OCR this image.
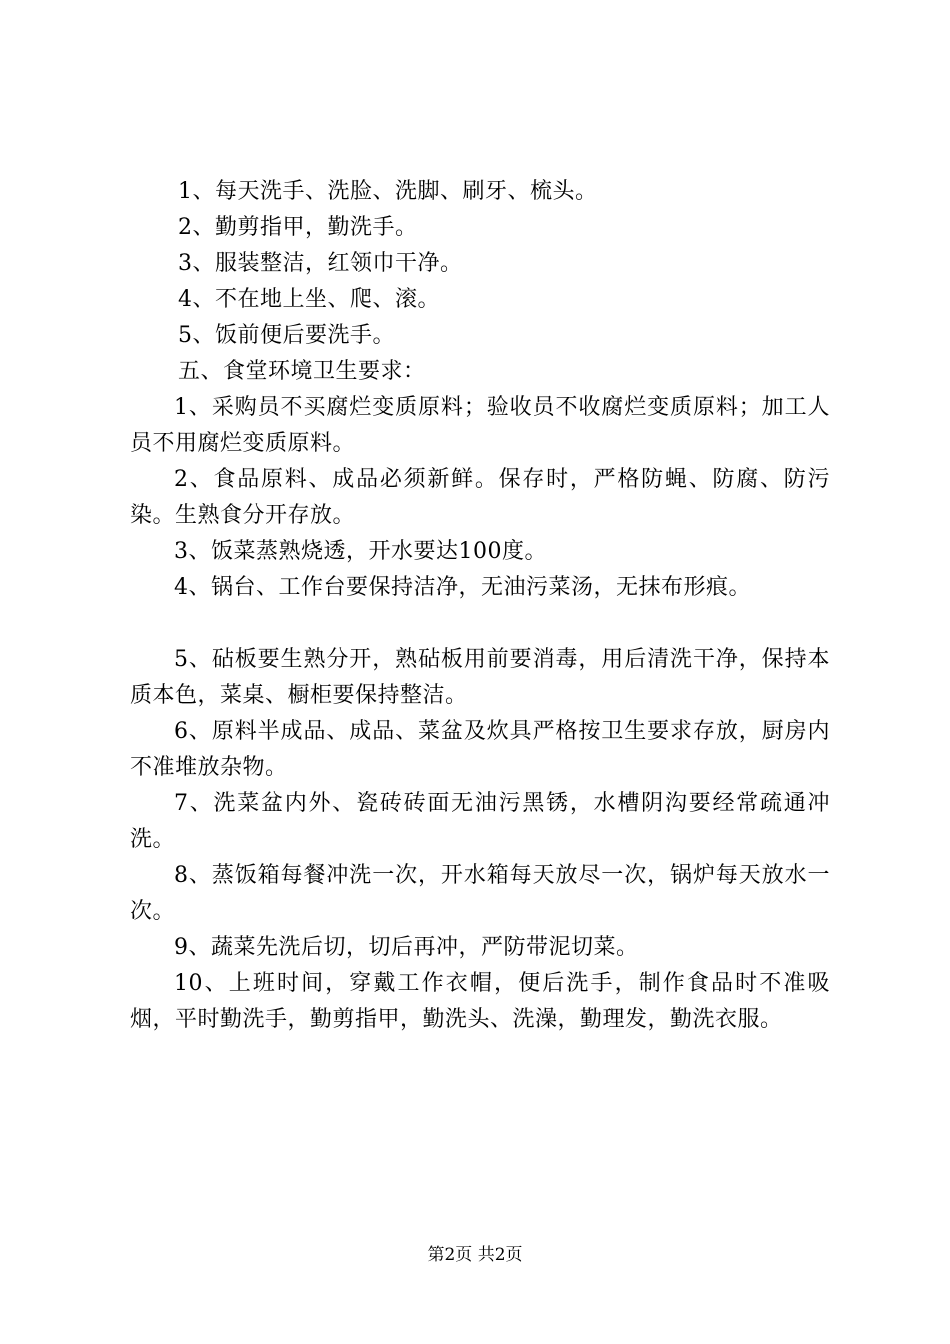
1、每天洗手、洗脸、洗脚、刷牙、梳头。
2、勤剪指甲，勤洗手。
3、服装整洁，红领巾干净。
4、不在地上坐、爬、滚。
5、饭前便后要洗手。
五、食堂环境卫生要求：
1、采购员不买腐烂变质原料；验收员不收腐烂变质原料；加工人员不用腐烂变质原料。
2、食品原料、成品必须新鲜。保存时，严格防蝇、防腐、防污染。生熟食分开存放。
3、饭菜蒸熟烧透，开水要达100度。
4、锅台、工作台要保持洁净，无油污菜汤，无抹布形痕。
5、砧板要生熟分开，熟砧板用前要消毒，用后清洗干净，保持本质本色，菜桌、橱柜要保持整洁。
6、原料半成品、成品、菜盆及炊具严格按卫生要求存放，厨房内不准堆放杂物。
7、洗菜盆内外、瓷砖砖面无油污黑锈，水槽阴沟要经常疏通冲洗。
8、蒸饭箱每餐冲洗一次，开水箱每天放尽一次，锅炉每天放水一次。
9、蔬菜先洗后切，切后再冲，严防带泥切菜。
10、上班时间，穿戴工作衣帽，便后洗手，制作食品时不准吸烟，平时勤洗手，勤剪指甲，勤洗头、洗澡，勤理发，勤洗衣服。
第2页 共2页
